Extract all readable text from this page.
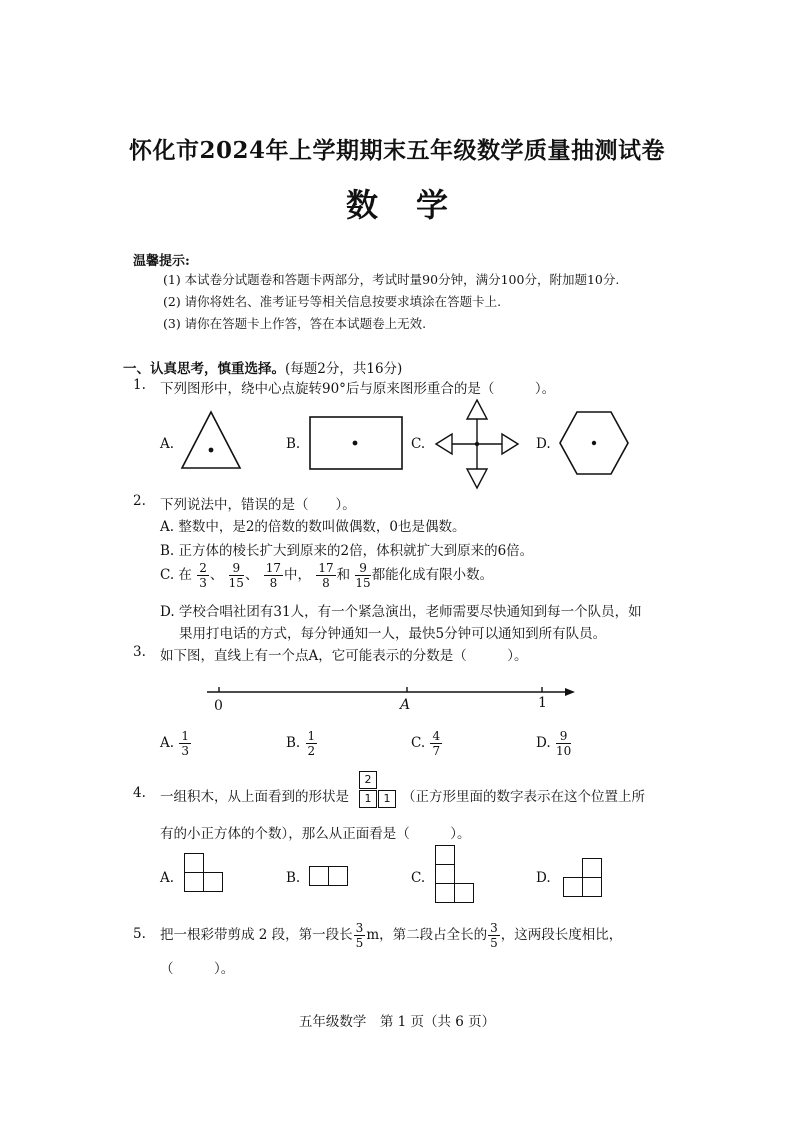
怀化市2024年上学期期末五年级数学质量抽测试卷
数学
温馨提示:
(1) 本试卷分试题卷和答题卡两部分，考试时量90分钟，满分100分，附加题10分.
(2) 请你将姓名、准考证号等相关信息按要求填涂在答题卡上.
(3) 请你在答题卡上作答，答在本试题卷上无效.
一、认真思考，慎重选择。(每题2分，共16分)
1. 下列图形中，绕中心点旋转90°后与原来图形重合的是（　　　）。
A.	B.	C.	D.
2. 下列说法中，错误的是（　　）。
A. 整数中，是2的倍数的数叫做偶数，0也是偶数。
B. 正方体的棱长扩大到原来的2倍，体积就扩大到原来的6倍。
C. 在 $\frac{2}{3}$ 、 $\frac{9}{15}$ 、 $\frac{17}{8}$ 中， $\frac{17}{8}$ 和 $\frac{9}{15}$ 都能化成有限小数。
D. 学校合唱社团有31人，有一个紧急演出，老师需要尽快通知到每一个队员，如
果用打电话的方式，每分钟通知一人，最快5分钟可以通知到所有队员。
3. 如下图，直线上有一个点A，它可能表示的分数是（　　　）。
0	A	1
A. $\frac{1}{3}$	B. $\frac{1}{2}$	C. $\frac{4}{7}$	D. $\frac{9}{10}$
4. 一组积木，从上面看到的形状是
2
1	1 （正方形里面的数字表示在这个位置上所
有的小正方体的个数），那么从正面看是（　　　）。
A.	B.	C.	D.
5. 把一根彩带剪成 2 段，第一段长 $\frac{3}{5}$ m，第二段占全长的 $\frac{3}{5}$ ，这两段长度相比，
（　　　）。
五年级数学　第 1 页（共 6 页）
